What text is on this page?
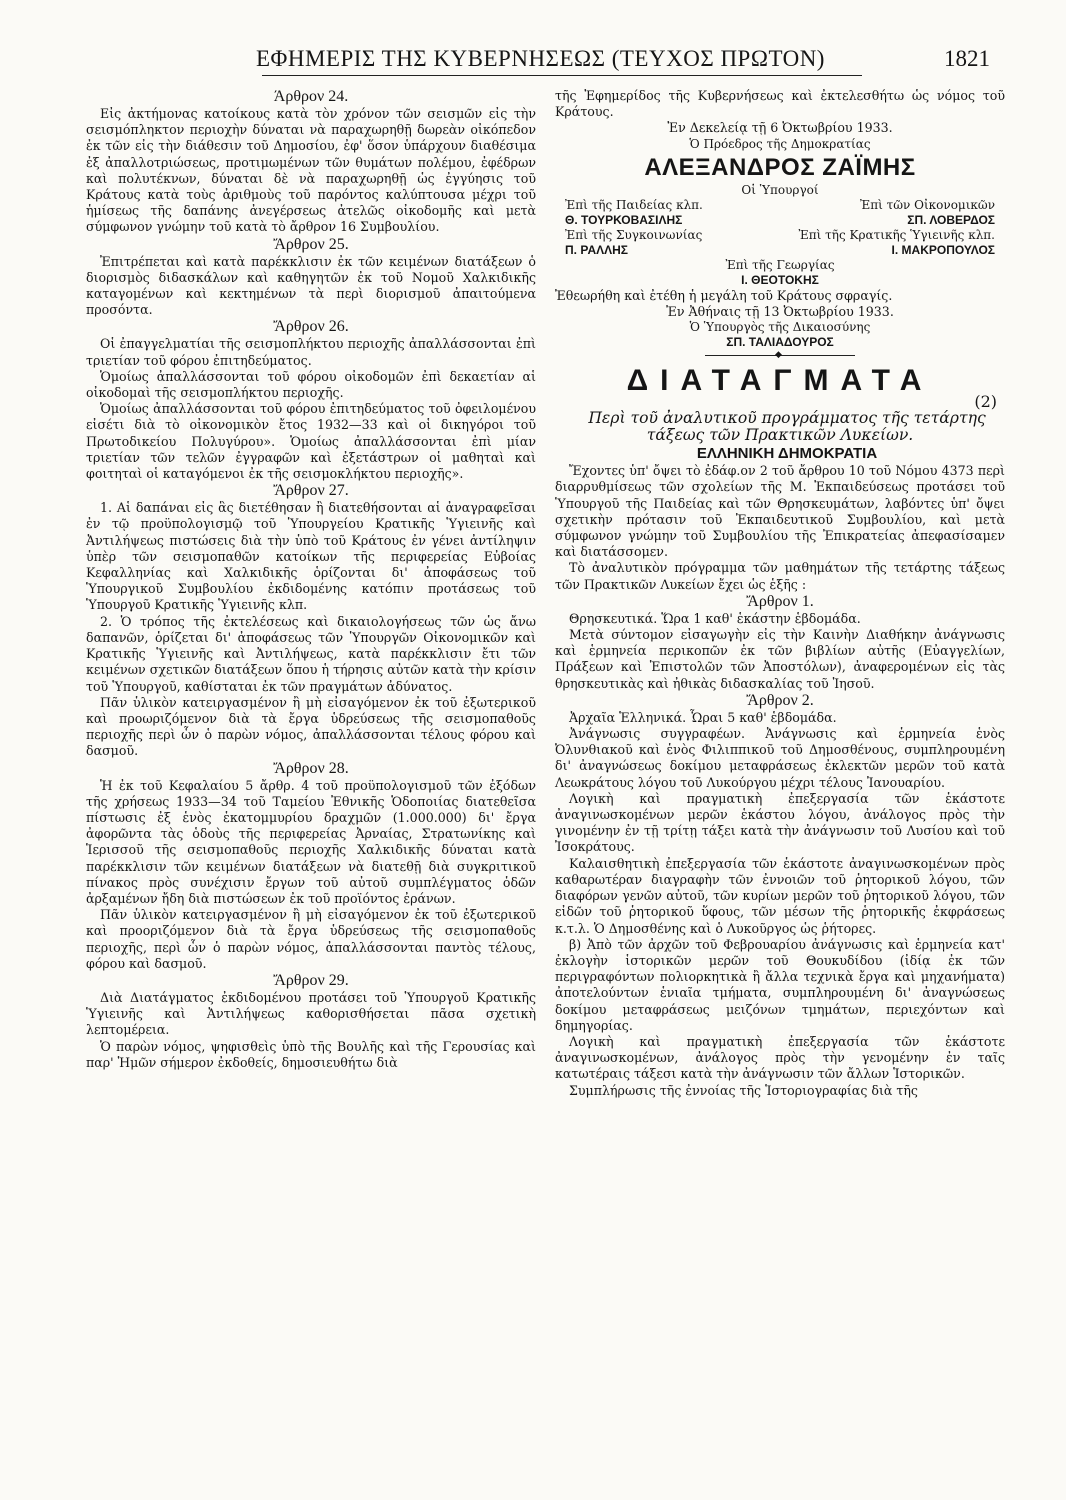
ΕΦΗΜΕΡΙΣ ΤΗΣ ΚΥΒΕΡΝΗΣΕΩΣ (ΤΕΥΧΟΣ ΠΡΩΤΟΝ)	1821

Άρθρον 24.

Εἰς ἀκτήμονας κατοίκους κατὰ τὸν χρόνον τῶν σεισμῶν εἰς τὴν σεισμόπληκτον περιοχὴν δύναται νὰ παραχωρηθῇ δωρεὰν οἰκόπεδον ἐκ τῶν εἰς τὴν διάθεσιν τοῦ Δημοσίου, ἐφ' ὅσον ὑπάρχουν διαθέσιμα ἐξ ἀπαλλοτριώσεως, προτιμωμένων τῶν θυμάτων πολέμου, ἐφέδρων καὶ πολυτέκνων, δύναται δὲ νὰ παραχωρηθῇ ὡς ἐγγύησις τοῦ Κράτους κατὰ τοὺς ἀριθμοὺς τοῦ παρόντος καλύπτουσα μέχρι τοῦ ἡμίσεως τῆς δαπάνης ἀνεγέρσεως ἀτελῶς οἰκοδομῆς καὶ μετὰ σύμφωνον γνώμην τοῦ κατὰ τὸ ἄρθρον 16 Συμβουλίου.

Ἄρθρον 25.

Ἐπιτρέπεται καὶ κατὰ παρέκκλισιν ἐκ τῶν κειμένων διατάξεων ὁ διορισμὸς διδασκάλων καὶ καθηγητῶν ἐκ τοῦ Νομοῦ Χαλκιδικῆς καταγομένων καὶ κεκτημένων τὰ περὶ διορισμοῦ ἀπαιτούμενα προσόντα.

Ἄρθρον 26.

Οἱ ἐπαγγελματίαι τῆς σεισμοπλήκτου περιοχῆς ἀπαλλάσσονται ἐπὶ τριετίαν τοῦ φόρου ἐπιτηδεύματος.

Ὁμοίως ἀπαλλάσσονται τοῦ φόρου οἰκοδομῶν ἐπὶ δεκαετίαν αἱ οἰκοδομαὶ τῆς σεισμοπλήκτου περιοχῆς.

Ὁμοίως ἀπαλλάσσονται τοῦ φόρου ἐπιτηδεύματος τοῦ ὀφειλομένου εἰσέτι διὰ τὸ οἰκονομικὸν ἔτος 1932—33 καὶ οἱ δικηγόροι τοῦ Πρωτοδικείου Πολυγύρου». Ὁμοίως ἀπαλλάσσονται ἐπὶ μίαν τριετίαν τῶν τελῶν ἐγγραφῶν καὶ ἐξετάστρων οἱ μαθηταὶ καὶ φοιτηταὶ οἱ καταγόμενοι ἐκ τῆς σεισμοκλήκτου περιοχῆς».

Ἄρθρον 27.

1. Αἱ δαπάναι εἰς ἃς διετέθησαν ἢ διατεθήσονται αἱ ἀναγραφεῖσαι ἐν τῷ προϋπολογισμῷ τοῦ Ὑπουργείου Κρατικῆς Ὑγιεινῆς καὶ Ἀντιλήψεως πιστώσεις διὰ τὴν ὑπὸ τοῦ Κράτους ἐν γένει ἀντίληψιν ὑπὲρ τῶν σεισμοπαθῶν κατοίκων τῆς περιφερείας Εὐβοίας Κεφαλληνίας καὶ Χαλκιδικῆς ὁρίζονται δι' ἀποφάσεως τοῦ Ὑπουργικοῦ Συμβουλίου ἐκδιδομένης κατόπιν προτάσεως τοῦ Ὑπουργοῦ Κρατικῆς Ὑγιεινῆς κλπ.

2. Ὁ τρόπος τῆς ἐκτελέσεως καὶ δικαιολογήσεως τῶν ὡς ἄνω δαπανῶν, ὁρίζεται δι' ἀποφάσεως τῶν Ὑπουργῶν Οἰκονομικῶν καὶ Κρατικῆς Ὑγιεινῆς καὶ Ἀντιλήψεως, κατὰ παρέκκλισιν ἔτι τῶν κειμένων σχετικῶν διατάξεων ὅπου ἡ τήρησις αὐτῶν κατὰ τὴν κρίσιν τοῦ Ὑπουργοῦ, καθίσταται ἐκ τῶν πραγμάτων ἀδύνατος.

Πᾶν ὑλικὸν κατειργασμένον ἢ μὴ εἰσαγόμενον ἐκ τοῦ ἐξωτερικοῦ καὶ προωριζόμενον διὰ τὰ ἔργα ὑδρεύσεως τῆς σεισμοπαθοῦς περιοχῆς περὶ ὧν ὁ παρὼν νόμος, ἀπαλλάσσονται τέλους φόρου καὶ δασμοῦ.

Ἄρθρον 28.

Ἡ ἐκ τοῦ Κεφαλαίου 5 ἄρθρ. 4 τοῦ προϋπολογισμοῦ τῶν ἐξόδων τῆς χρήσεως 1933—34 τοῦ Ταμείου Ἐθνικῆς Ὁδοποιίας διατεθεῖσα πίστωσις ἐξ ἑνὸς ἑκατομμυρίου δραχμῶν (1.000.000) δι' ἔργα ἀφορῶντα τὰς ὁδοὺς τῆς περιφερείας Ἀρναίας, Στρατωνίκης καὶ Ἱερισσοῦ τῆς σεισμοπαθοῦς περιοχῆς Χαλκιδικῆς δύναται κατὰ παρέκκλισιν τῶν κειμένων διατάξεων νὰ διατεθῇ διὰ συγκριτικοῦ πίνακος πρὸς συνέχισιν ἔργων τοῦ αὐτοῦ συμπλέγματος ὁδῶν ἀρξαμένων ἤδη διὰ πιστώσεων ἐκ τοῦ προϊόντος ἐράνων.

Πᾶν ὑλικὸν κατειργασμένον ἢ μὴ εἰσαγόμενον ἐκ τοῦ ἐξωτερικοῦ καὶ προοριζόμενον διὰ τὰ ἔργα ὑδρεύσεως τῆς σεισμοπαθοῦς περιοχῆς, περὶ ὧν ὁ παρὼν νόμος, ἀπαλλάσσονται παντὸς τέλους, φόρου καὶ δασμοῦ.

Ἄρθρον 29.

Διὰ Διατάγματος ἐκδιδομένου προτάσει τοῦ Ὑπουργοῦ Κρατικῆς Ὑγιεινῆς καὶ Ἀντιλήψεως καθορισθήσεται πᾶσα σχετικὴ λεπτομέρεια.

Ὁ παρὼν νόμος, ψηφισθεὶς ὑπὸ τῆς Βουλῆς καὶ τῆς Γερουσίας καὶ παρ' Ἡμῶν σήμερον ἐκδοθείς, δημοσιευθήτω διὰ

τῆς Ἐφημερίδος τῆς Κυβερνήσεως καὶ ἐκτελεσθήτω ὡς νόμος τοῦ Κράτους.

Ἐν Δεκελείᾳ τῇ 6 Ὀκτωβρίου 1933.

Ὁ Πρόεδρος τῆς Δημοκρατίας

ΑΛΕΞΑΝΔΡΟΣ ΖΑΪΜΗΣ

Οἱ Ὑπουργοί

Ἐπὶ τῆς Παιδείας κλπ.	Ἐπὶ τῶν Οἰκονομικῶν
Θ. ΤΟΥΡΚΟΒΑΣΙΛΗΣ	ΣΠ. ΛΟΒΕΡΔΟΣ
Ἐπὶ τῆς Συγκοινωνίας	Ἐπὶ τῆς Κρατικῆς Ὑγιεινῆς κλπ.
Π. ΡΑΛΛΗΣ	Ι. ΜΑΚΡΟΠΟΥΛΟΣ

Ἐπὶ τῆς Γεωργίας

Ι. ΘΕΟΤΟΚΗΣ

Ἐθεωρήθη καὶ ἐτέθη ἡ μεγάλη τοῦ Κράτους σφραγίς.

Ἐν Ἀθήναις τῇ 13 Ὀκτωβρίου 1933.

Ὁ Ὑπουργὸς τῆς Δικαιοσύνης

ΣΠ. ΤΑΛΙΑΔΟΥΡΟΣ

◆
ΔΙΑΤΑΓΜΑΤΑ
(2)

Περὶ τοῦ ἀναλυτικοῦ προγράμματος τῆς τετάρτης τάξεως τῶν Πρακτικῶν Λυκείων.

ΕΛΛΗΝΙΚΗ ΔΗΜΟΚΡΑΤΙΑ

Ἔχοντες ὑπ' ὄψει τὸ ἐδάφ.ον 2 τοῦ ἄρθρου 10 τοῦ Νόμου 4373 περὶ διαρρυθμίσεως τῶν σχολείων τῆς Μ. Ἐκπαιδεύσεως προτάσει τοῦ Ὑπουργοῦ τῆς Παιδείας καὶ τῶν Θρησκευμάτων, λαβόντες ὑπ' ὄψει σχετικὴν πρότασιν τοῦ Ἐκπαιδευτικοῦ Συμβουλίου, καὶ μετὰ σύμφωνον γνώμην τοῦ Συμβουλίου τῆς Ἐπικρατείας ἀπεφασίσαμεν καὶ διατάσσομεν.

Τὸ ἀναλυτικὸν πρόγραμμα τῶν μαθημάτων τῆς τετάρτης τάξεως τῶν Πρακτικῶν Λυκείων ἔχει ὡς ἑξῆς :

Ἄρθρον 1.

Θρησκευτικά. Ὥρα 1 καθ' ἑκάστην ἑβδομάδα.

Μετὰ σύντομον εἰσαγωγὴν εἰς τὴν Καινὴν Διαθήκην ἀνάγνωσις καὶ ἑρμηνεία περικοπῶν ἐκ τῶν βιβλίων αὐτῆς (Εὐαγγελίων, Πράξεων καὶ Ἐπιστολῶν τῶν Ἀποστόλων), ἀναφερομένων εἰς τὰς θρησκευτικὰς καὶ ἠθικὰς διδασκαλίας τοῦ Ἰησοῦ.

Ἄρθρον 2.

Ἀρχαῖα Ἑλληνικά. Ὧραι 5 καθ' ἑβδομάδα.

Ἀνάγνωσις συγγραφέων. Ἀνάγνωσις καὶ ἑρμηνεία ἑνὸς Ὀλυνθιακοῦ καὶ ἑνὸς Φιλιππικοῦ τοῦ Δημοσθένους, συμπληρουμένη δι' ἀναγνώσεως δοκίμου μεταφράσεως ἐκλεκτῶν μερῶν τοῦ κατὰ Λεωκράτους λόγου τοῦ Λυκούργου μέχρι τέλους Ἰανουαρίου.

Λογικὴ καὶ πραγματικὴ ἐπεξεργασία τῶν ἑκάστοτε ἀναγινωσκομένων μερῶν ἑκάστου λόγου, ἀνάλογος πρὸς τὴν γινομένην ἐν τῇ τρίτῃ τάξει κατὰ τὴν ἀνάγνωσιν τοῦ Λυσίου καὶ τοῦ Ἰσοκράτους.

Καλαισθητικὴ ἐπεξεργασία τῶν ἑκάστοτε ἀναγινωσκομένων πρὸς καθαρωτέραν διαγραφὴν τῶν ἐννοιῶν τοῦ ῥητορικοῦ λόγου, τῶν διαφόρων γενῶν αὐτοῦ, τῶν κυρίων μερῶν τοῦ ῥητορικοῦ λόγου, τῶν εἰδῶν τοῦ ῥητορικοῦ ὕφους, τῶν μέσων τῆς ῥητορικῆς ἐκφράσεως κ.τ.λ. Ὁ Δημοσθένης καὶ ὁ Λυκοῦργος ὡς ῥήτορες.

β) Ἀπὸ τῶν ἀρχῶν τοῦ Φεβρουαρίου ἀνάγνωσις καὶ ἑρμηνεία κατ' ἐκλογὴν ἱστορικῶν μερῶν τοῦ Θουκυδίδου (ἰδίᾳ ἐκ τῶν περιγραφόντων πολιορκητικὰ ἢ ἄλλα τεχνικὰ ἔργα καὶ μηχανήματα) ἀποτελούντων ἑνιαῖα τμήματα, συμπληρουμένη δι' ἀναγνώσεως δοκίμου μεταφράσεως μειζόνων τμημάτων, περιεχόντων καὶ δημηγορίας.

Λογικὴ καὶ πραγματικὴ ἐπεξεργασία τῶν ἑκάστοτε ἀναγινωσκομένων, ἀνάλογος πρὸς τὴν γενομένην ἐν ταῖς κατωτέραις τάξεσι κατὰ τὴν ἀνάγνωσιν τῶν ἄλλων Ἱστορικῶν.

Συμπλήρωσις τῆς ἐννοίας τῆς Ἱστοριογραφίας διὰ τῆς
